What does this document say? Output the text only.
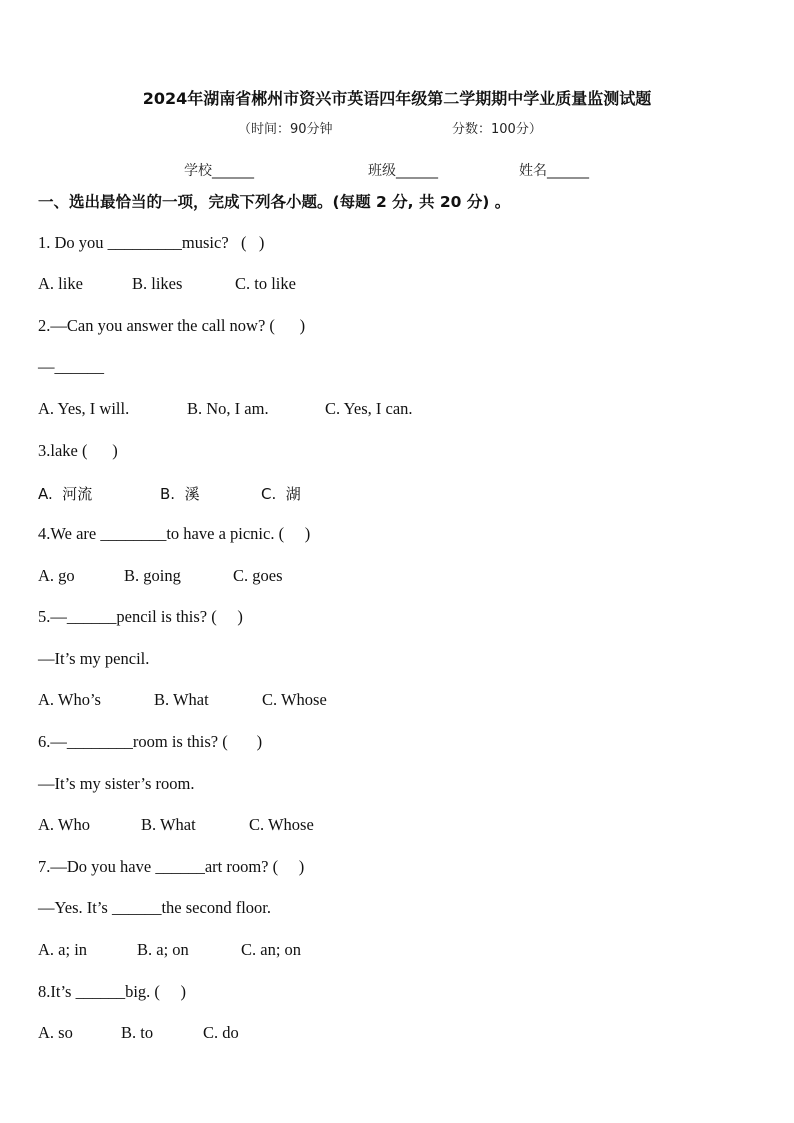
2024年湖南省郴州市资兴市英语四年级第二学期期中学业质量监测试题
（时间：90分钟	分数：100分）
学校______	班级______	姓名______
一、选出最恰当的一项，完成下列各小题。(每题 2 分, 共 20 分) 。
1. Do you _________music?   (   )
A. like	B. likes	C. to like
2.—Can you answer the call now? (      )
—______
A. Yes, I will.	B. No, I am.	C. Yes, I can.
3.lake (      )
A.  河流	B.  溪	C.  湖
4.We are ________to have a picnic. (     )
A. go	B. going	C. goes
5.—______pencil is this? (     )
—It’s my pencil.
A. Who’s	B. What	C. Whose
6.—________room is this? (       )
—It’s my sister’s room.
A. Who	B. What	C. Whose
7.—Do you have ______art room? (     )
—Yes. It’s ______the second floor.
A. a; in	B. a; on	C. an; on
8.It’s ______big. (     )
A. so	B. to	C. do
